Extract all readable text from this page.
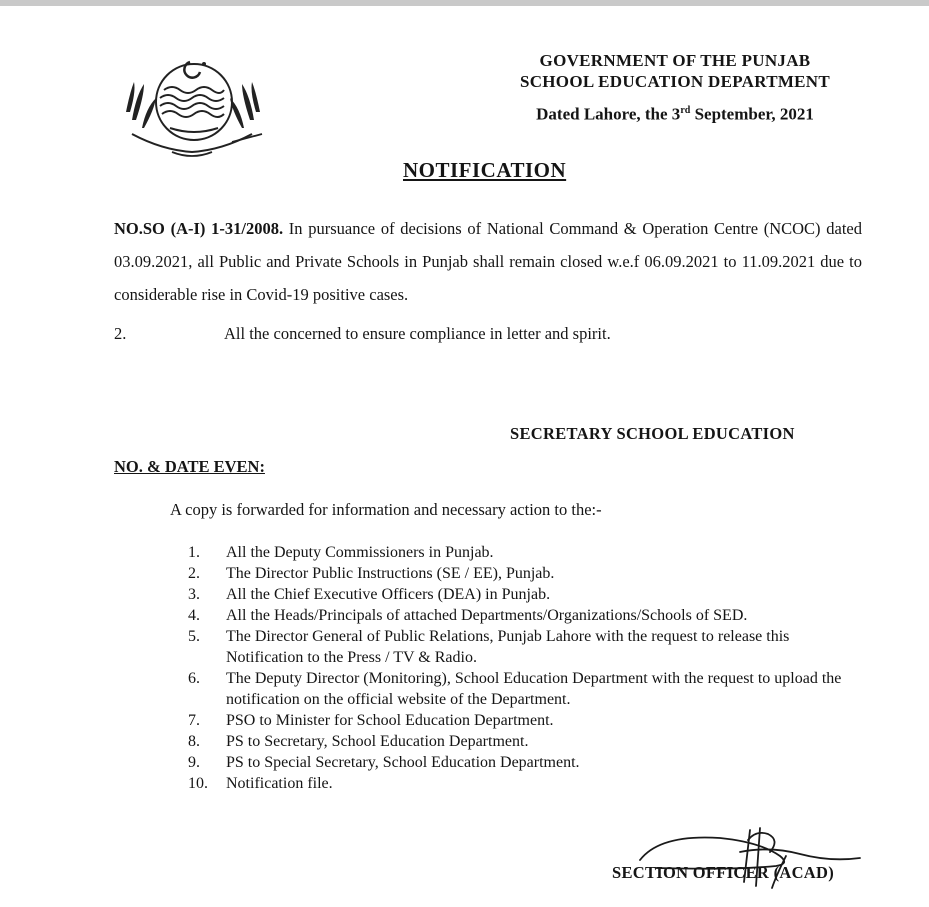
GOVERNMENT OF THE PUNJAB
SCHOOL EDUCATION DEPARTMENT
Dated Lahore, the 3rd September, 2021
NOTIFICATION
NO.SO (A-I) 1-31/2008. In pursuance of decisions of National Command & Operation Centre (NCOC) dated 03.09.2021, all Public and Private Schools in Punjab shall remain closed w.e.f 06.09.2021 to 11.09.2021 due to considerable rise in Covid-19 positive cases.
2.	All the concerned to ensure compliance in letter and spirit.
SECRETARY SCHOOL EDUCATION
NO. & DATE EVEN:
A copy is forwarded for information and necessary action to the:-
1.	All the Deputy Commissioners in Punjab.
2.	The Director Public Instructions (SE / EE), Punjab.
3.	All the Chief Executive Officers (DEA) in Punjab.
4.	All the Heads/Principals of attached Departments/Organizations/Schools of SED.
5.	The Director General of Public Relations, Punjab Lahore with the request to release this Notification to the Press / TV & Radio.
6.	The Deputy Director (Monitoring), School Education Department with the request to upload the notification on the official website of the Department.
7.	PSO to Minister for School Education Department.
8.	PS to Secretary, School Education Department.
9.	PS to Special Secretary, School Education Department.
10.	Notification file.
SECTION OFFICER (ACAD)
